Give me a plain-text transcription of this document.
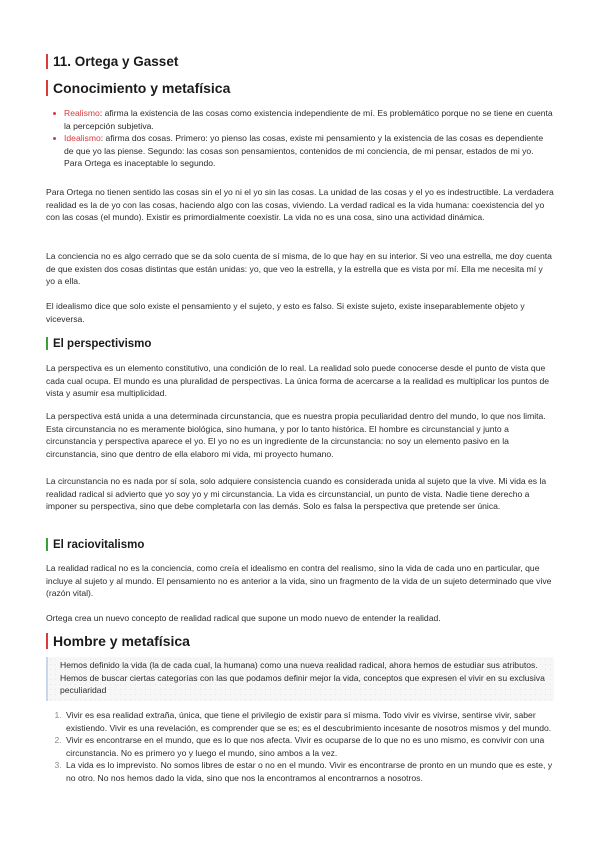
11. Ortega y Gasset
Conocimiento y metafísica
Realismo: afirma la existencia de las cosas como existencia independiente de mí. Es problemático porque no se tiene en cuenta la percepción subjetiva.
Idealismo: afirma dos cosas. Primero: yo pienso las cosas, existe mi pensamiento y la existencia de las cosas es dependiente de que yo las piense. Segundo: las cosas son pensamientos, contenidos de mi conciencia, de mi pensar, estados de mi yo. Para Ortega es inaceptable lo segundo.

Para Ortega no tienen sentido las cosas sin el yo ni el yo sin las cosas. La unidad de las cosas y el yo es indestructible. La verdadera realidad es la de yo con las cosas, haciendo algo con las cosas, viviendo. La verdad radical es la vida humana: coexistencia del yo con las cosas (el mundo). Existir es primordialmente coexistir. La vida no es una cosa, sino una actividad dinámica.

La conciencia no es algo cerrado que se da solo cuenta de sí misma, de lo que hay en su interior. Si veo una estrella, me doy cuenta de que existen dos cosas distintas que están unidas: yo, que veo la estrella, y la estrella que es vista por mí. Ella me necesita mí y yo a ella.

El idealismo dice que solo existe el pensamiento y el sujeto, y esto es falso. Si existe sujeto, existe inseparablemente objeto y viceversa.

El perspectivismo

La perspectiva es un elemento constitutivo, una condición de lo real. La realidad solo puede conocerse desde el punto de vista que cada cual ocupa. El mundo es una pluralidad de perspectivas. La única forma de acercarse a la realidad es multiplicar los puntos de vista y asumir esa multiplicidad.

La perspectiva está unida a una determinada circunstancia, que es nuestra propia peculiaridad dentro del mundo, lo que nos limita. Esta circunstancia no es meramente biológica, sino humana, y por lo tanto histórica. El hombre es circunstancial y junto a circunstancia y perspectiva aparece el yo. El yo no es un ingrediente de la circunstancia: no soy un elemento pasivo en la circunstancia, sino que dentro de ella elaboro mi vida, mi proyecto humano.

La circunstancia no es nada por sí sola, solo adquiere consistencia cuando es considerada unida al sujeto que la vive. Mi vida es la realidad radical si advierto que yo soy yo y mi circunstancia. La vida es circunstancial, un punto de vista. Nadie tiene derecho a imponer su perspectiva, sino que debe completarla con las demás. Solo es falsa la perspectiva que pretende ser única.

El raciovitalismo

La realidad radical no es la conciencia, como creía el idealismo en contra del realismo, sino la vida de cada uno en particular, que incluye al sujeto y al mundo. El pensamiento no es anterior a la vida, sino un fragmento de la vida de un sujeto determinado que vive (razón vital).

Ortega crea un nuevo concepto de realidad radical que supone un modo nuevo de entender la realidad.

Hombre y metafísica

Hemos definido la vida (la de cada cual, la humana) como una nueva realidad radical, ahora hemos de estudiar sus atributos. Hemos de buscar ciertas categorías con las que podamos definir mejor la vida, conceptos que expresen el vivir en su exclusiva peculiaridad

1. Vivir es esa realidad extraña, única, que tiene el privilegio de existir para sí misma. Todo vivir es vivirse, sentirse vivir, saber existiendo. Vivir es una revelación, es comprender que se es; es el descubrimiento incesante de nosotros mismos y del mundo.
2. Vivir es encontrarse en el mundo, que es lo que nos afecta. Vivir es ocuparse de lo que no es uno mismo, es convivir con una circunstancia. No es primero yo y luego el mundo, sino ambos a la vez.
3. La vida es lo imprevisto. No somos libres de estar o no en el mundo. Vivir es encontrarse de pronto en un mundo que es este, y no otro. No nos hemos dado la vida, sino que nos la encontramos al encontrarnos a nosotros.
